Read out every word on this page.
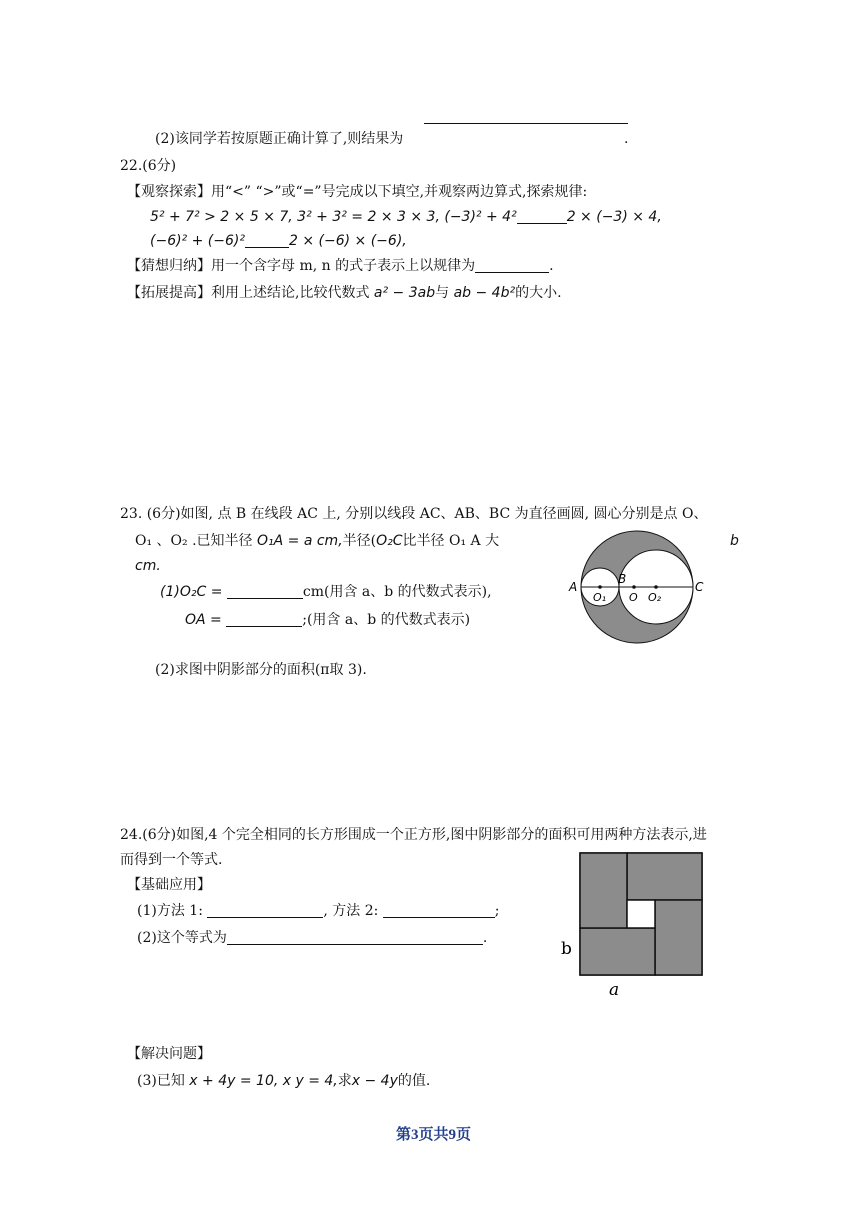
(2)该同学若按原题正确计算了,则结果为	.
22.(6分)
【观察探索】用“<” “>”或“=”号完成以下填空,并观察两边算式,探索规律:
5² + 7² > 2 × 5 × 7, 3² + 3² = 2 × 3 × 3, (−3)² + 4²	2 × (−3) × 4,
(−6)² + (−6)²	2 × (−6) × (−6),
【猜想归纳】用一个含字母 m, n 的式子表示上以规律为	.
【拓展提高】利用上述结论,比较代数式 a² − 3ab与 ab − 4b²的大小.
23. (6分)如图, 点 B 在线段 AC 上, 分别以线段 AC、AB、BC 为直径画圆, 圆心分别是点 O、
O₁ 、O₂ .已知半径 O₁A = a cm,半径(O₂C比半径 O₁ A 大	b
cm.
(1)O₂C =	cm(用含 a、b 的代数式表示),
OA =	;(用含 a、b 的代数式表示)
(2)求图中阴影部分的面积(π取 3).
A
B
C
O₁ O O₂
24.(6分)如图,4 个完全相同的长方形围成一个正方形,图中阴影部分的面积可用两种方法表示,进
而得到一个等式.
【基础应用】
(1)方法 1:	, 方法 2:	;
(2)这个等式为	.
【解决问题】
(3)已知 x + 4y = 10, x y = 4,求x − 4y的值.
b
a
第3页共9页
